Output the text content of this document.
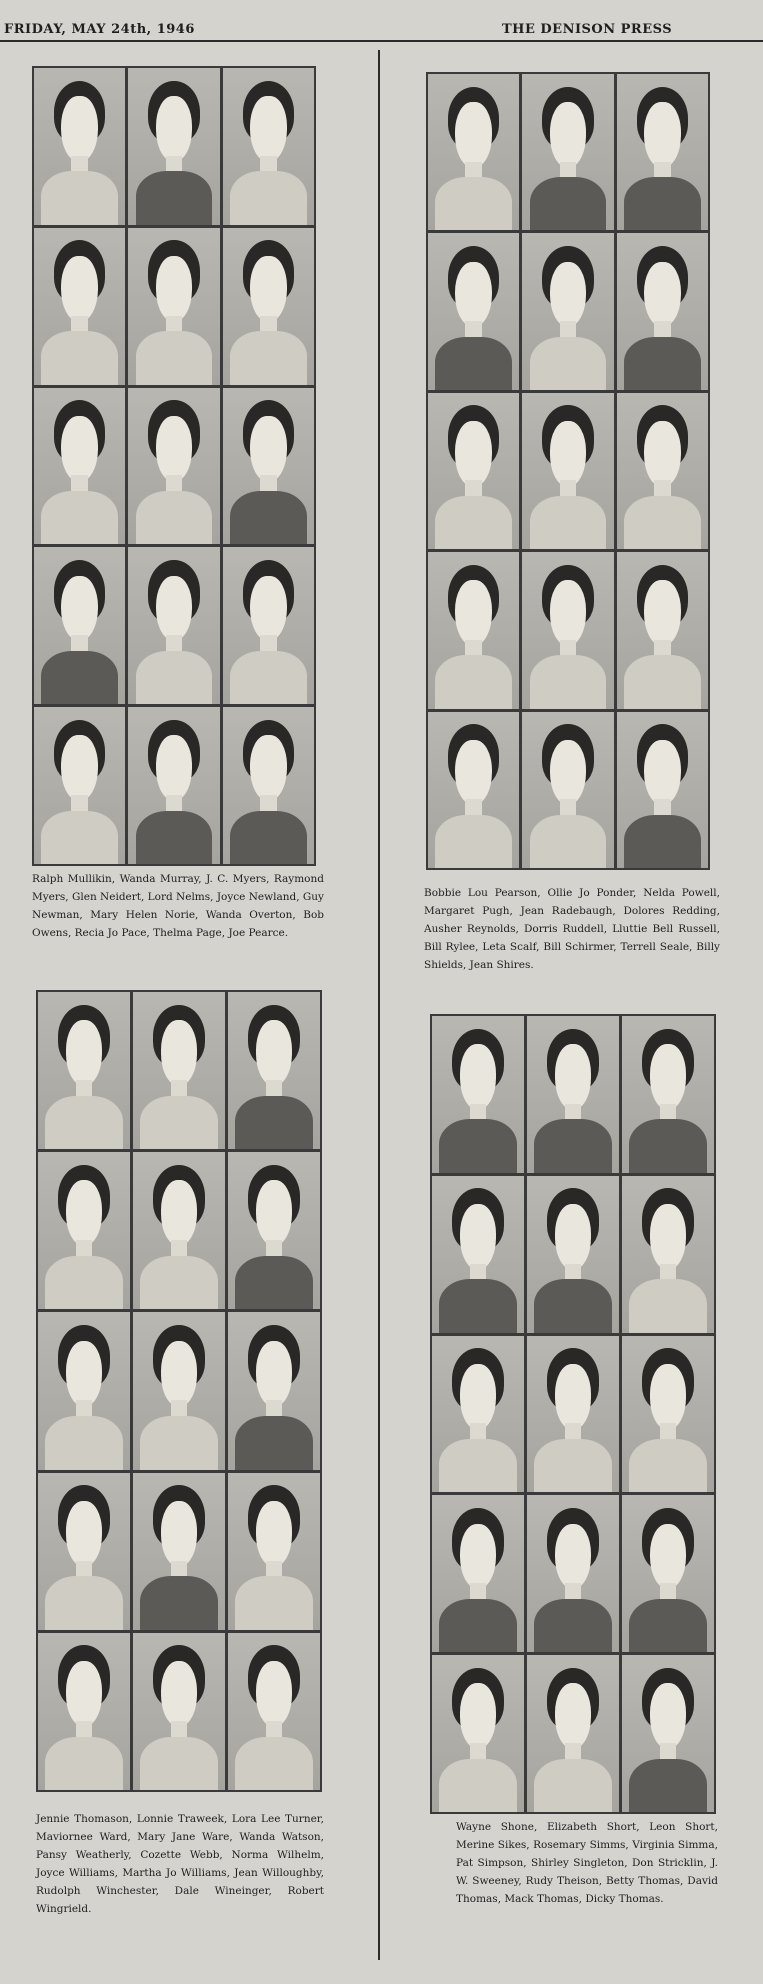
FRIDAY, MAY 24th, 1946	THE DENISON PRESS
Ralph Mullikin, Wanda Murray, J. C. Myers, Raymond Myers, Glen Neidert, Lord Nelms, Joyce Newland, Guy Newman, Mary Helen Norie, Wanda Overton, Bob Owens, Recia Jo Pace, Thelma Page, Joe Pearce.
Bobbie Lou Pearson, Ollie Jo Ponder, Nelda Powell, Margaret Pugh, Jean Radebaugh, Dolores Redding, Ausher Reynolds, Dorris Ruddell, Lluttie Bell Russell, Bill Rylee, Leta Scalf, Bill Schirmer, Terrell Seale, Billy Shields, Jean Shires.
Jennie Thomason, Lonnie Traweek, Lora Lee Turner, Maviornee Ward, Mary Jane Ware, Wanda Watson, Pansy Weatherly, Cozette Webb, Norma Wilhelm, Joyce Williams, Martha Jo Williams, Jean Willoughby, Rudolph Winchester, Dale Wineinger, Robert Wingrield.
Wayne Shone, Elizabeth Short, Leon Short, Merine Sikes, Rosemary Simms, Virginia Simma, Pat Simpson, Shirley Singleton, Don Stricklin, J. W. Sweeney, Rudy Theison, Betty Thomas, David Thomas, Mack Thomas, Dicky Thomas.
